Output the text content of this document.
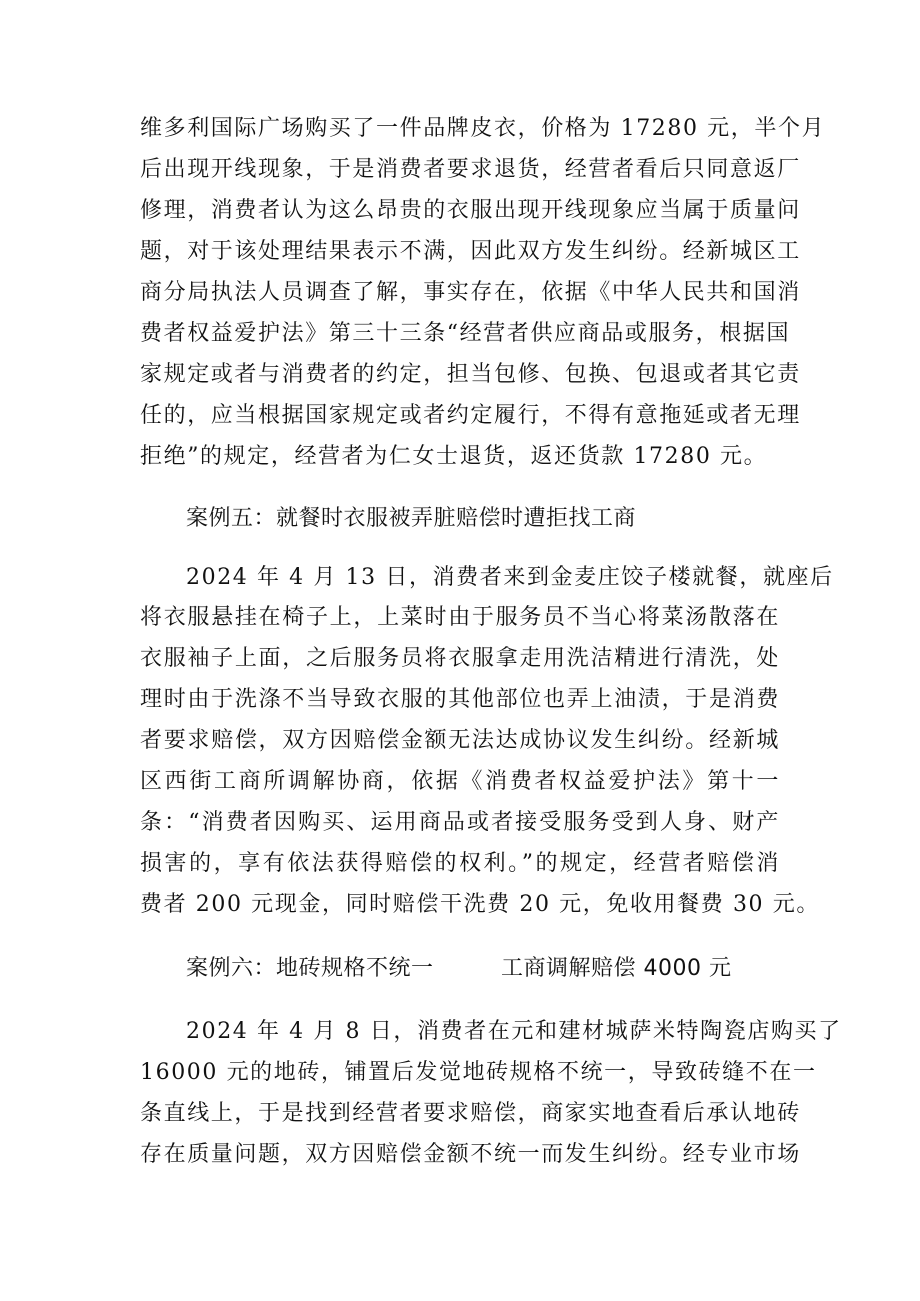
维多利国际广场购买了一件品牌皮衣，价格为 17280 元，半个月
后出现开线现象，于是消费者要求退货，经营者看后只同意返厂
修理，消费者认为这么昂贵的衣服出现开线现象应当属于质量问
题，对于该处理结果表示不满，因此双方发生纠纷。经新城区工
商分局执法人员调查了解，事实存在，依据《中华人民共和国消
费者权益爱护法》第三十三条“经营者供应商品或服务，根据国
家规定或者与消费者的约定，担当包修、包换、包退或者其它责
任的，应当根据国家规定或者约定履行，不得有意拖延或者无理
拒绝”的规定，经营者为仁女士退货，返还货款 17280 元。
案例五：就餐时衣服被弄脏赔偿时遭拒找工商
2024 年 4 月 13 日，消费者来到金麦庄饺子楼就餐，就座后
将衣服悬挂在椅子上，上菜时由于服务员不当心将菜汤散落在
衣服袖子上面，之后服务员将衣服拿走用洗洁精进行清洗，处
理时由于洗涤不当导致衣服的其他部位也弄上油渍，于是消费
者要求赔偿，双方因赔偿金额无法达成协议发生纠纷。经新城
区西街工商所调解协商，依据《消费者权益爱护法》第十一
条：“消费者因购买、运用商品或者接受服务受到人身、财产
损害的，享有依法获得赔偿的权利。”的规定，经营者赔偿消
费者 200 元现金，同时赔偿干洗费 20 元，免收用餐费 30 元。
案例六：地砖规格不统一　　　工商调解赔偿 4000 元
2024 年 4 月 8 日，消费者在元和建材城萨米特陶瓷店购买了
16000 元的地砖，铺置后发觉地砖规格不统一，导致砖缝不在一
条直线上，于是找到经营者要求赔偿，商家实地查看后承认地砖
存在质量问题，双方因赔偿金额不统一而发生纠纷。经专业市场
